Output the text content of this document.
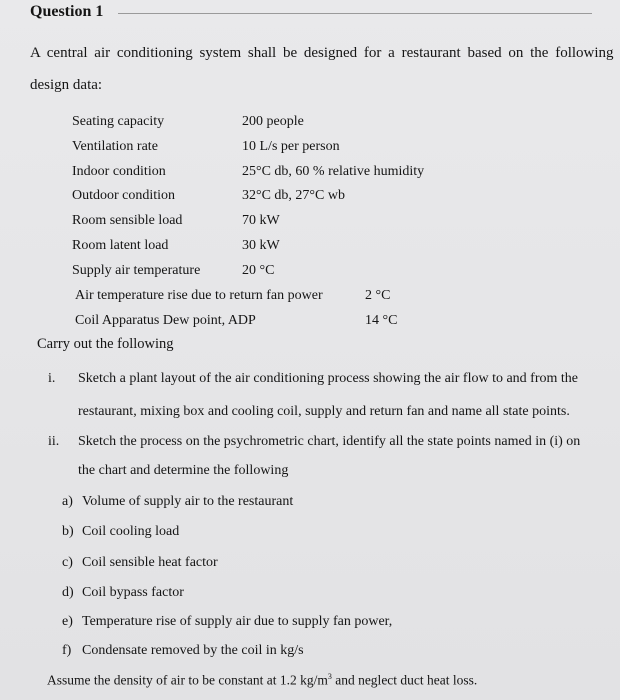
Question 1
A central air conditioning system shall be designed for a restaurant based on the following
design data:
Seating capacity	200 people
Ventilation rate	10 L/s per person
Indoor condition	25°C db, 60 % relative humidity
Outdoor condition	32°C db, 27°C wb
Room sensible load	70 kW
Room latent load	30 kW
Supply air temperature	20 °C
Air temperature rise due to return fan power	2 °C
Coil Apparatus Dew point, ADP	14 °C
Carry out the following
i. Sketch a plant layout of the air conditioning process showing the air flow to and from the
restaurant, mixing box and cooling coil, supply and return fan and name all state points.
ii. Sketch the process on the psychrometric chart, identify all the state points named in (i) on
the chart and determine the following
a) Volume of supply air to the restaurant
b) Coil cooling load
c) Coil sensible heat factor
d) Coil bypass factor
e) Temperature rise of supply air due to supply fan power,
f) Condensate removed by the coil in kg/s
Assume the density of air to be constant at 1.2 $kg/m^3$ and neglect duct heat loss.
